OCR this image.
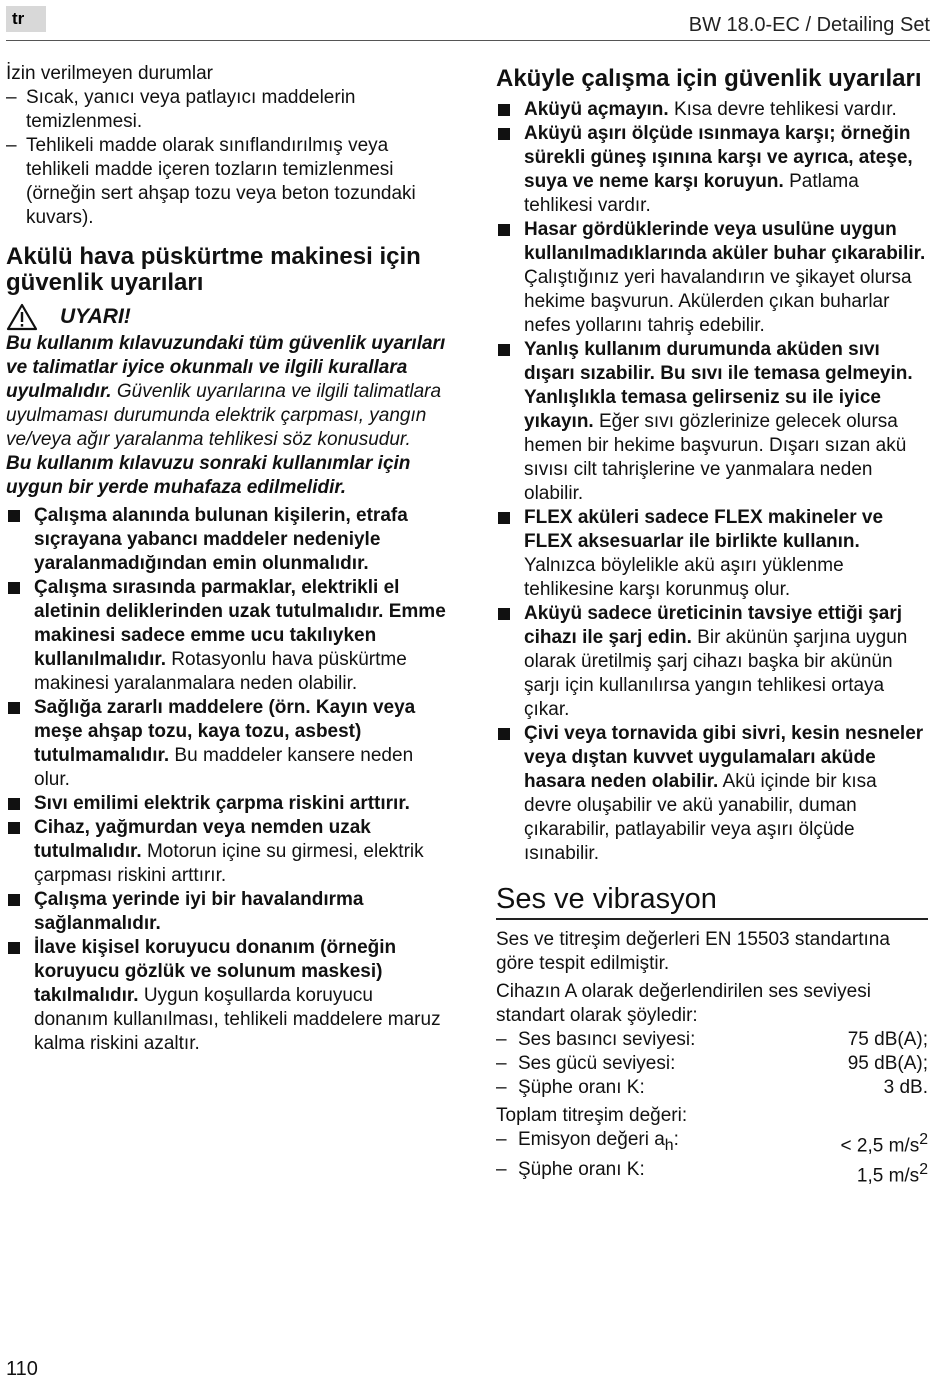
tr	BW 18.0-EC / Detailing Set

İzin verilmeyen durumlar

– Sıcak, yanıcı veya patlayıcı maddelerin temizlenmesi.
– Tehlikeli madde olarak sınıflandırılmış veya tehlikeli madde içeren tozların temizlenmesi (örneğin sert ahşap tozu veya beton tozundaki kuvars).
Akülü hava püskürtme makinesi için güvenlik uyarıları
UYARI!

Bu kullanım kılavuzundaki tüm güvenlik uyarıları ve talimatlar iyice okunmalı ve ilgili kurallara uyulmalıdır. Güvenlik uyarılarına ve ilgili talimatlara uyulmaması durumunda elektrik çarpması, yangın ve/veya ağır yaralanma tehlikesi söz konusudur.

Bu kullanım kılavuzu sonraki kullanımlar için uygun bir yerde muhafaza edilmelidir.

Çalışma alanında bulunan kişilerin, etrafa sıçrayana yabancı maddeler nedeniyle yaralanmadığından emin olunmalıdır.
Çalışma sırasında parmaklar, elektrikli el aletinin deliklerinden uzak tutulmalıdır. Emme makinesi sadece emme ucu takılıyken kullanılmalıdır. Rotasyonlu hava püskürtme makinesi yaralanmalara neden olabilir.
Sağlığa zararlı maddelere (örn. Kayın veya meşe ahşap tozu, kaya tozu, asbest) tutulmamalıdır. Bu maddeler kansere neden olur.
Sıvı emilimi elektrik çarpma riskini arttırır.
Cihaz, yağmurdan veya nemden uzak tutulmalıdır. Motorun içine su girmesi, elektrik çarpması riskini arttırır.
Çalışma yerinde iyi bir havalandırma sağlanmalıdır.
İlave kişisel koruyucu donanım (örneğin koruyucu gözlük ve solunum maskesi) takılmalıdır. Uygun koşullarda koruyucu donanım kullanılması, tehlikeli maddelere maruz kalma riskini azaltır.
Aküyle çalışma için güvenlik uyarıları
Aküyü açmayın. Kısa devre tehlikesi vardır.
Aküyü aşırı ölçüde ısınmaya karşı; örneğin sürekli güneş ışınına karşı ve ayrıca, ateşe, suya ve neme karşı koruyun. Patlama tehlikesi vardır.
Hasar gördüklerinde veya usulüne uygun kullanılmadıklarında aküler buhar çıkarabilir. Çalıştığınız yeri havalandırın ve şikayet olursa hekime başvurun. Akülerden çıkan buharlar nefes yollarını tahriş edebilir.
Yanlış kullanım durumunda aküden sıvı dışarı sızabilir. Bu sıvı ile temasa gelmeyin. Yanlışlıkla temasa gelirseniz su ile iyice yıkayın. Eğer sıvı gözlerinize gelecek olursa hemen bir hekime başvurun. Dışarı sızan akü sıvısı cilt tahrişlerine ve yanmalara neden olabilir.
FLEX aküleri sadece FLEX makineler ve FLEX aksesuarlar ile birlikte kullanın. Yalnızca böylelikle akü aşırı yüklenme tehlikesine karşı korunmuş olur.
Aküyü sadece üreticinin tavsiye ettiği şarj cihazı ile şarj edin. Bir akünün şarjına uygun olarak üretilmiş şarj cihazı başka bir akünün şarjı için kullanılırsa yangın tehlikesi ortaya çıkar.
Çivi veya tornavida gibi sivri, kesin nesneler veya dıştan kuvvet uygulamaları aküde hasara neden olabilir. Akü içinde bir kısa devre oluşabilir ve akü yanabilir, duman çıkarabilir, patlayabilir veya aşırı ölçüde ısınabilir.
Ses ve vibrasyon

Ses ve titreşim değerleri EN 15503 standartına göre tespit edilmiştir.

Cihazın A olarak değerlendirilen ses seviyesi standart olarak şöyledir:

– Ses basıncı seviyesi:	75 dB(A);
– Ses gücü seviyesi:	95 dB(A);
– Şüphe oranı K:	3 dB.

Toplam titreşim değeri:

– Emisyon değeri $a_h$:	< 2,5 $m/s^2$
– Şüphe oranı K:	1,5 $m/s^2$
110
